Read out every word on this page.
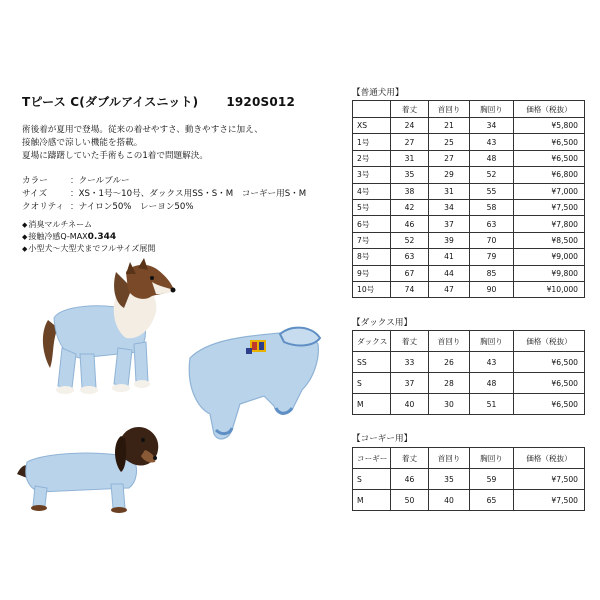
Tピース C(ダブルアイスニット) 1920S012
術後着が夏用で登場。従来の着せやすさ、動きやすさに加え、
接触冷感で涼しい機能を搭載。
夏場に躊躇していた手術もこの1着で問題解決。
カラー	：クールブルー
サイズ	：XS・1号～10号、ダックス用SS・S・M　コーギー用S・M
クオリティ ：ナイロン50%　レーヨン50%
◆ 消臭マルチネーム
◆ 接触冷感Q-MAX0.344
◆ 小型犬～大型犬までフルサイズ展開
【普通犬用】
	着丈	首回り	胸回り	価格（税抜）
XS	24	21	34	¥5,800
1号	27	25	43	¥6,500
2号	31	27	48	¥6,500
3号	35	29	52	¥6,800
4号	38	31	55	¥7,000
5号	42	34	58	¥7,500
6号	46	37	63	¥7,800
7号	52	39	70	¥8,500
8号	63	41	79	¥9,000
9号	67	44	85	¥9,800
10号	74	47	90	¥10,000
【ダックス用】
ダックス	着丈	首回り	胸回り	価格（税抜）
SS	33	26	43	¥6,500
S	37	28	48	¥6,500
M	40	30	51	¥6,500
【コーギー用】
コーギー	着丈	首回り	胸回り	価格（税抜）
S	46	35	59	¥7,500
M	50	40	65	¥7,500
